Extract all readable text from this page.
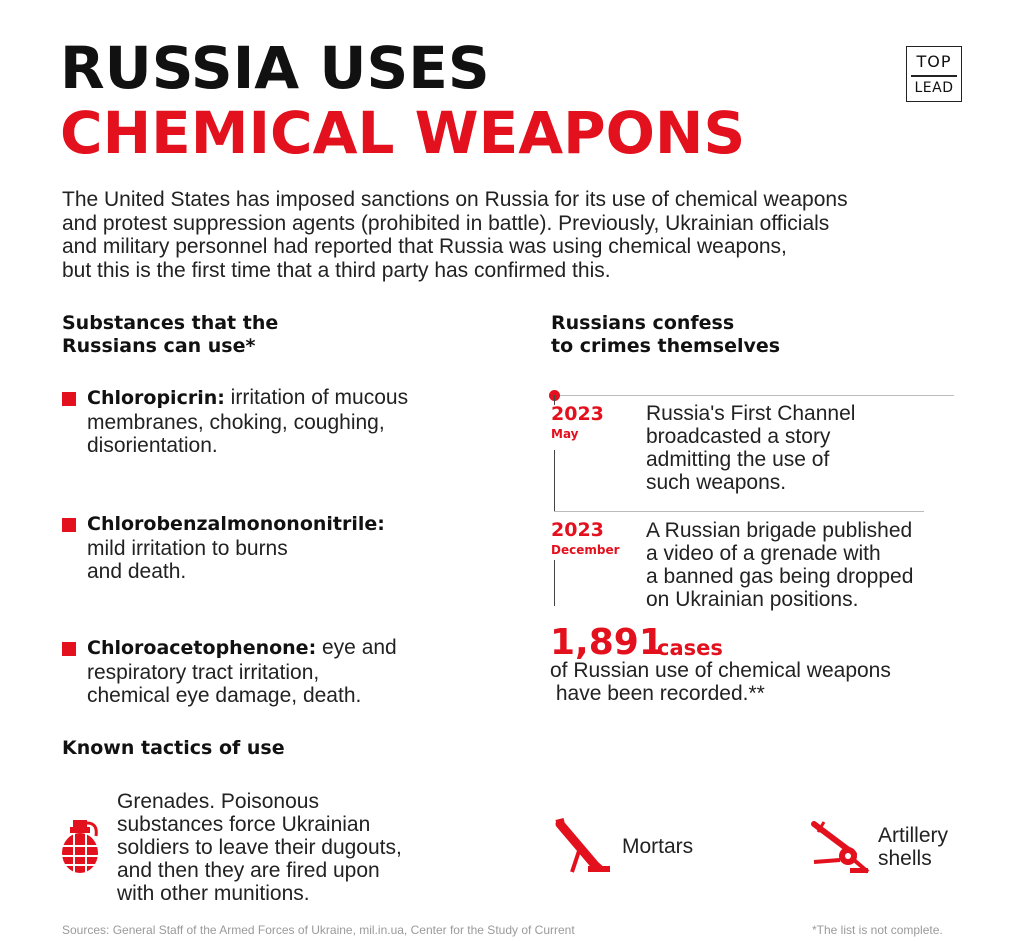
RUSSIA USES
CHEMICAL WEAPONS
TOP
LEAD
The United States has imposed sanctions on Russia for its use of chemical weapons
and protest suppression agents (prohibited in battle). Previously, Ukrainian officials
and military personnel had reported that Russia was using chemical weapons,
but this is the first time that a third party has confirmed this.
Substances that the
Russians can use*
Chloropicrin: irritation of mucous
membranes, choking, coughing,
disorientation.
Chlorobenzalmonononitrile:
mild irritation to burns
and death.
Chloroacetophenone: eye and
respiratory tract irritation,
chemical eye damage, death.
Russians confess
to crimes themselves
2023
May
Russia's First Channel
broadcasted a story
admitting the use of
such weapons.
2023
December
A Russian brigade published
a video of a grenade with
a banned gas being dropped
on Ukrainian positions.
1,891
cases
of Russian use of chemical weapons
have been recorded.**
Known tactics of use
Grenades. Poisonous
substances force Ukrainian
soldiers to leave their dugouts,
and then they are fired upon
with other munitions.
Mortars	Artillery
shells
Sources: General Staff of the Armed Forces of Ukraine, mil.in.ua, Center for the Study of Current	*The list is not complete.
